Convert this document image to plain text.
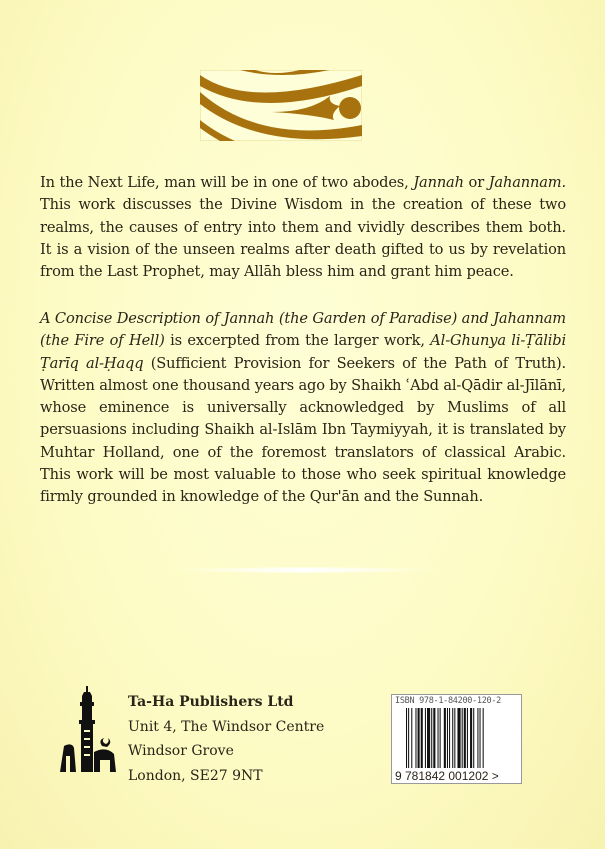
In the Next Life, man will be in one of two abodes, Jannah or Jahannam. This work discusses the Divine Wisdom in the creation of these two realms, the causes of entry into them and vividly describes them both. It is a vision of the unseen realms after death gifted to us by revelation from the Last Prophet, may Allāh bless him and grant him peace.

A Concise Description of Jannah (the Garden of Paradise) and Jahannam (the Fire of Hell) is excerpted from the larger work, Al-Ghunya li-Ṭālibi Ṭarīq al-Ḥaqq (Sufficient Provision for Seekers of the Path of Truth). Written almost one thousand years ago by Shaikh ʿAbd al-Qādir al-Jīlānī, whose eminence is universally acknowledged by Muslims of all persuasions including Shaikh al-Islām Ibn Taymiyyah, it is translated by Muhtar Holland, one of the foremost translators of classical Arabic. This work will be most valuable to those who seek spiritual knowledge firmly grounded in knowledge of the Qur'ān and the Sunnah.

Ta-Ha Publishers Ltd
Unit 4, The Windsor Centre
Windsor Grove
London, SE27 9NT
ISBN 978-1-84200-120-2
9 781842 001202 >
